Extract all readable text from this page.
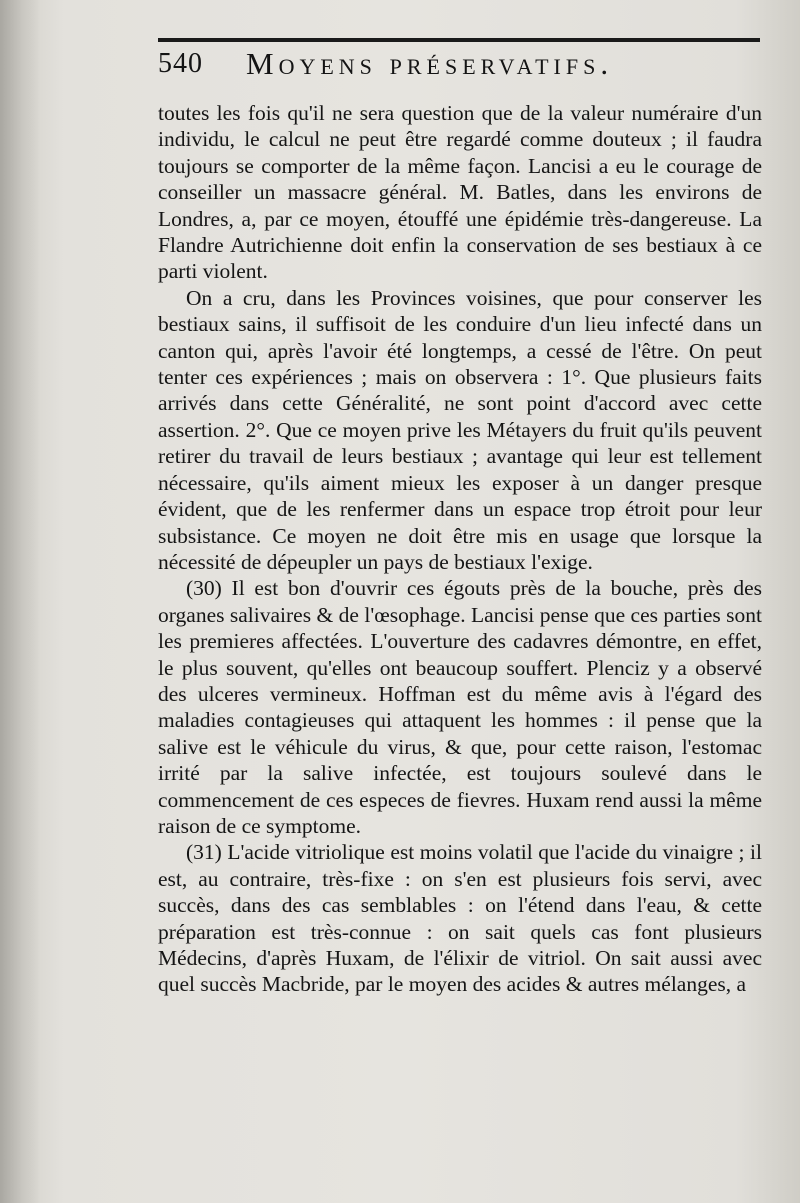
540 Moyens préservatifs.

toutes les fois qu'il ne sera question que de la valeur numéraire d'un individu, le calcul ne peut être regardé comme douteux ; il faudra toujours se comporter de la même façon. Lancisi a eu le courage de conseiller un massacre général. M. Batles, dans les environs de Londres, a, par ce moyen, étouffé une épidémie très-dangereuse. La Flandre Autrichienne doit enfin la conservation de ses bestiaux à ce parti violent.

On a cru, dans les Provinces voisines, que pour conserver les bestiaux sains, il suffisoit de les conduire d'un lieu infecté dans un canton qui, après l'avoir été longtemps, a cessé de l'être. On peut tenter ces expériences ; mais on observera : 1°. Que plusieurs faits arrivés dans cette Généralité, ne sont point d'accord avec cette assertion. 2°. Que ce moyen prive les Métayers du fruit qu'ils peuvent retirer du travail de leurs bestiaux ; avantage qui leur est tellement nécessaire, qu'ils aiment mieux les exposer à un danger presque évident, que de les renfermer dans un espace trop étroit pour leur subsistance. Ce moyen ne doit être mis en usage que lorsque la nécessité de dépeupler un pays de bestiaux l'exige.

(30) Il est bon d'ouvrir ces égouts près de la bouche, près des organes salivaires & de l'œsophage. Lancisi pense que ces parties sont les premieres affectées. L'ouverture des cadavres démontre, en effet, le plus souvent, qu'elles ont beaucoup souffert. Plenciz y a observé des ulceres vermineux. Hoffman est du même avis à l'égard des maladies contagieuses qui attaquent les hommes : il pense que la salive est le véhicule du virus, & que, pour cette raison, l'estomac irrité par la salive infectée, est toujours soulevé dans le commencement de ces especes de fievres. Huxam rend aussi la même raison de ce symptome.

(31) L'acide vitriolique est moins volatil que l'acide du vinaigre ; il est, au contraire, très-fixe : on s'en est plusieurs fois servi, avec succès, dans des cas semblables : on l'étend dans l'eau, & cette préparation est très-connue : on sait quels cas font plusieurs Médecins, d'après Huxam, de l'élixir de vitriol. On sait aussi avec quel succès Macbride, par le moyen des acides & autres mélanges, a
